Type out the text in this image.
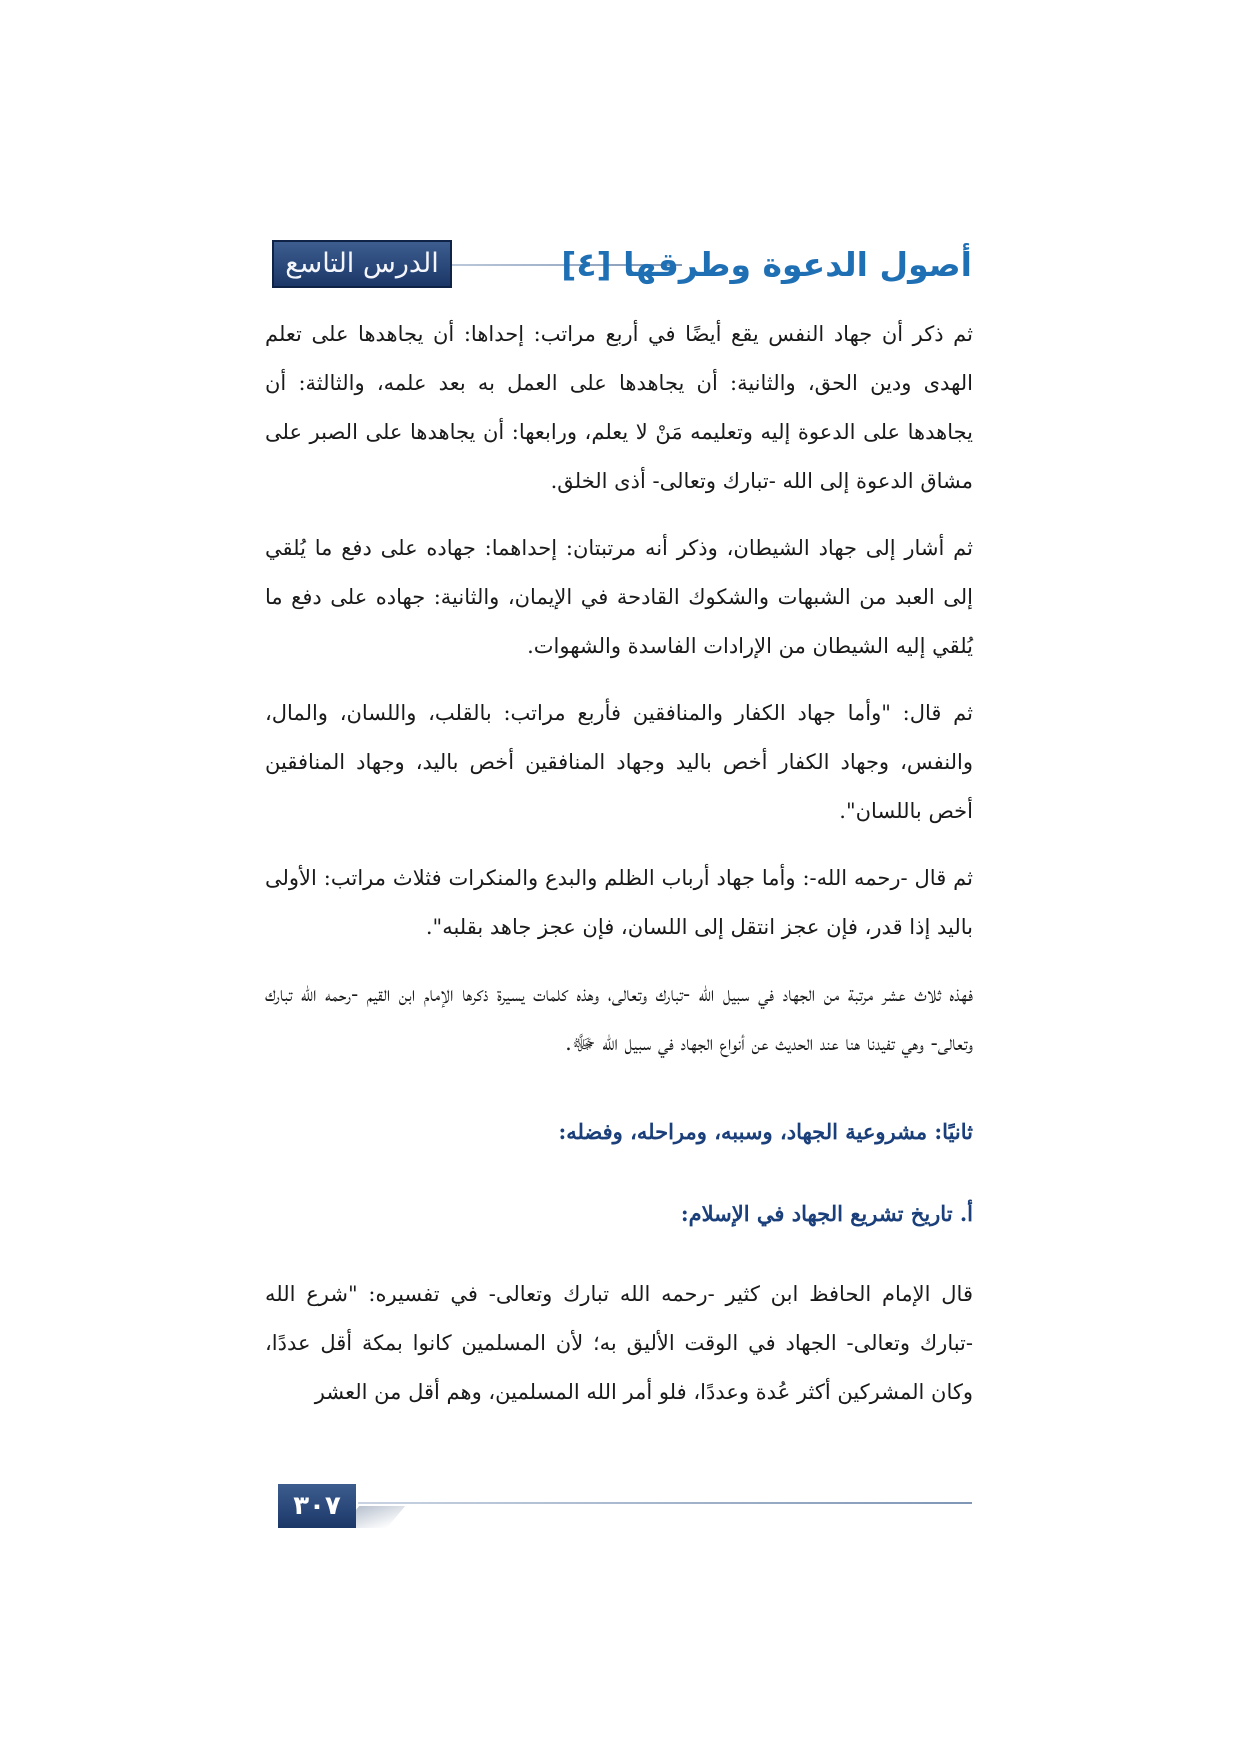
الدرس التاسع	أصول الدعوة وطرقها [٤]

ثم ذكر أن جهاد النفس يقع أيضًا في أربع مراتب: إحداها: أن يجاهدها على تعلم الهدى ودين الحق، والثانية: أن يجاهدها على العمل به بعد علمه، والثالثة: أن يجاهدها على الدعوة إليه وتعليمه مَنْ لا يعلم، ورابعها: أن يجاهدها على الصبر على مشاق الدعوة إلى الله -تبارك وتعالى- أذى الخلق.

ثم أشار إلى جهاد الشيطان، وذكر أنه مرتبتان: إحداهما: جهاده على دفع ما يُلقي إلى العبد من الشبهات والشكوك القادحة في الإيمان، والثانية: جهاده على دفع ما يُلقي إليه الشيطان من الإرادات الفاسدة والشهوات.

ثم قال: "وأما جهاد الكفار والمنافقين فأربع مراتب: بالقلب، واللسان، والمال، والنفس، وجهاد الكفار أخص باليد وجهاد المنافقين أخص باليد، وجهاد المنافقين أخص باللسان".

ثم قال -رحمه الله-: وأما جهاد أرباب الظلم والبدع والمنكرات فثلاث مراتب: الأولى باليد إذا قدر، فإن عجز انتقل إلى اللسان، فإن عجز جاهد بقلبه".

فهذه ثلاث عشر مرتبة من الجهاد في سبيل الله -تبارك وتعالى، وهذه كلمات يسيرة ذكرها الإمام ابن القيم -رحمه الله تبارك وتعالى- وهي تفيدنا هنا عند الحديث عن أنواع الجهاد في سبيل الله ﷻ.

ثانيًا: مشروعية الجهاد، وسببه، ومراحله، وفضله:

أ. تاريخ تشريع الجهاد في الإسلام:

قال الإمام الحافظ ابن كثير -رحمه الله تبارك وتعالى- في تفسيره: "شرع الله -تبارك وتعالى- الجهاد في الوقت الأليق به؛ لأن المسلمين كانوا بمكة أقل عددًا، وكان المشركين أكثر عُدة وعددًا، فلو أمر الله المسلمين، وهم أقل من العشر

٣٠٧
